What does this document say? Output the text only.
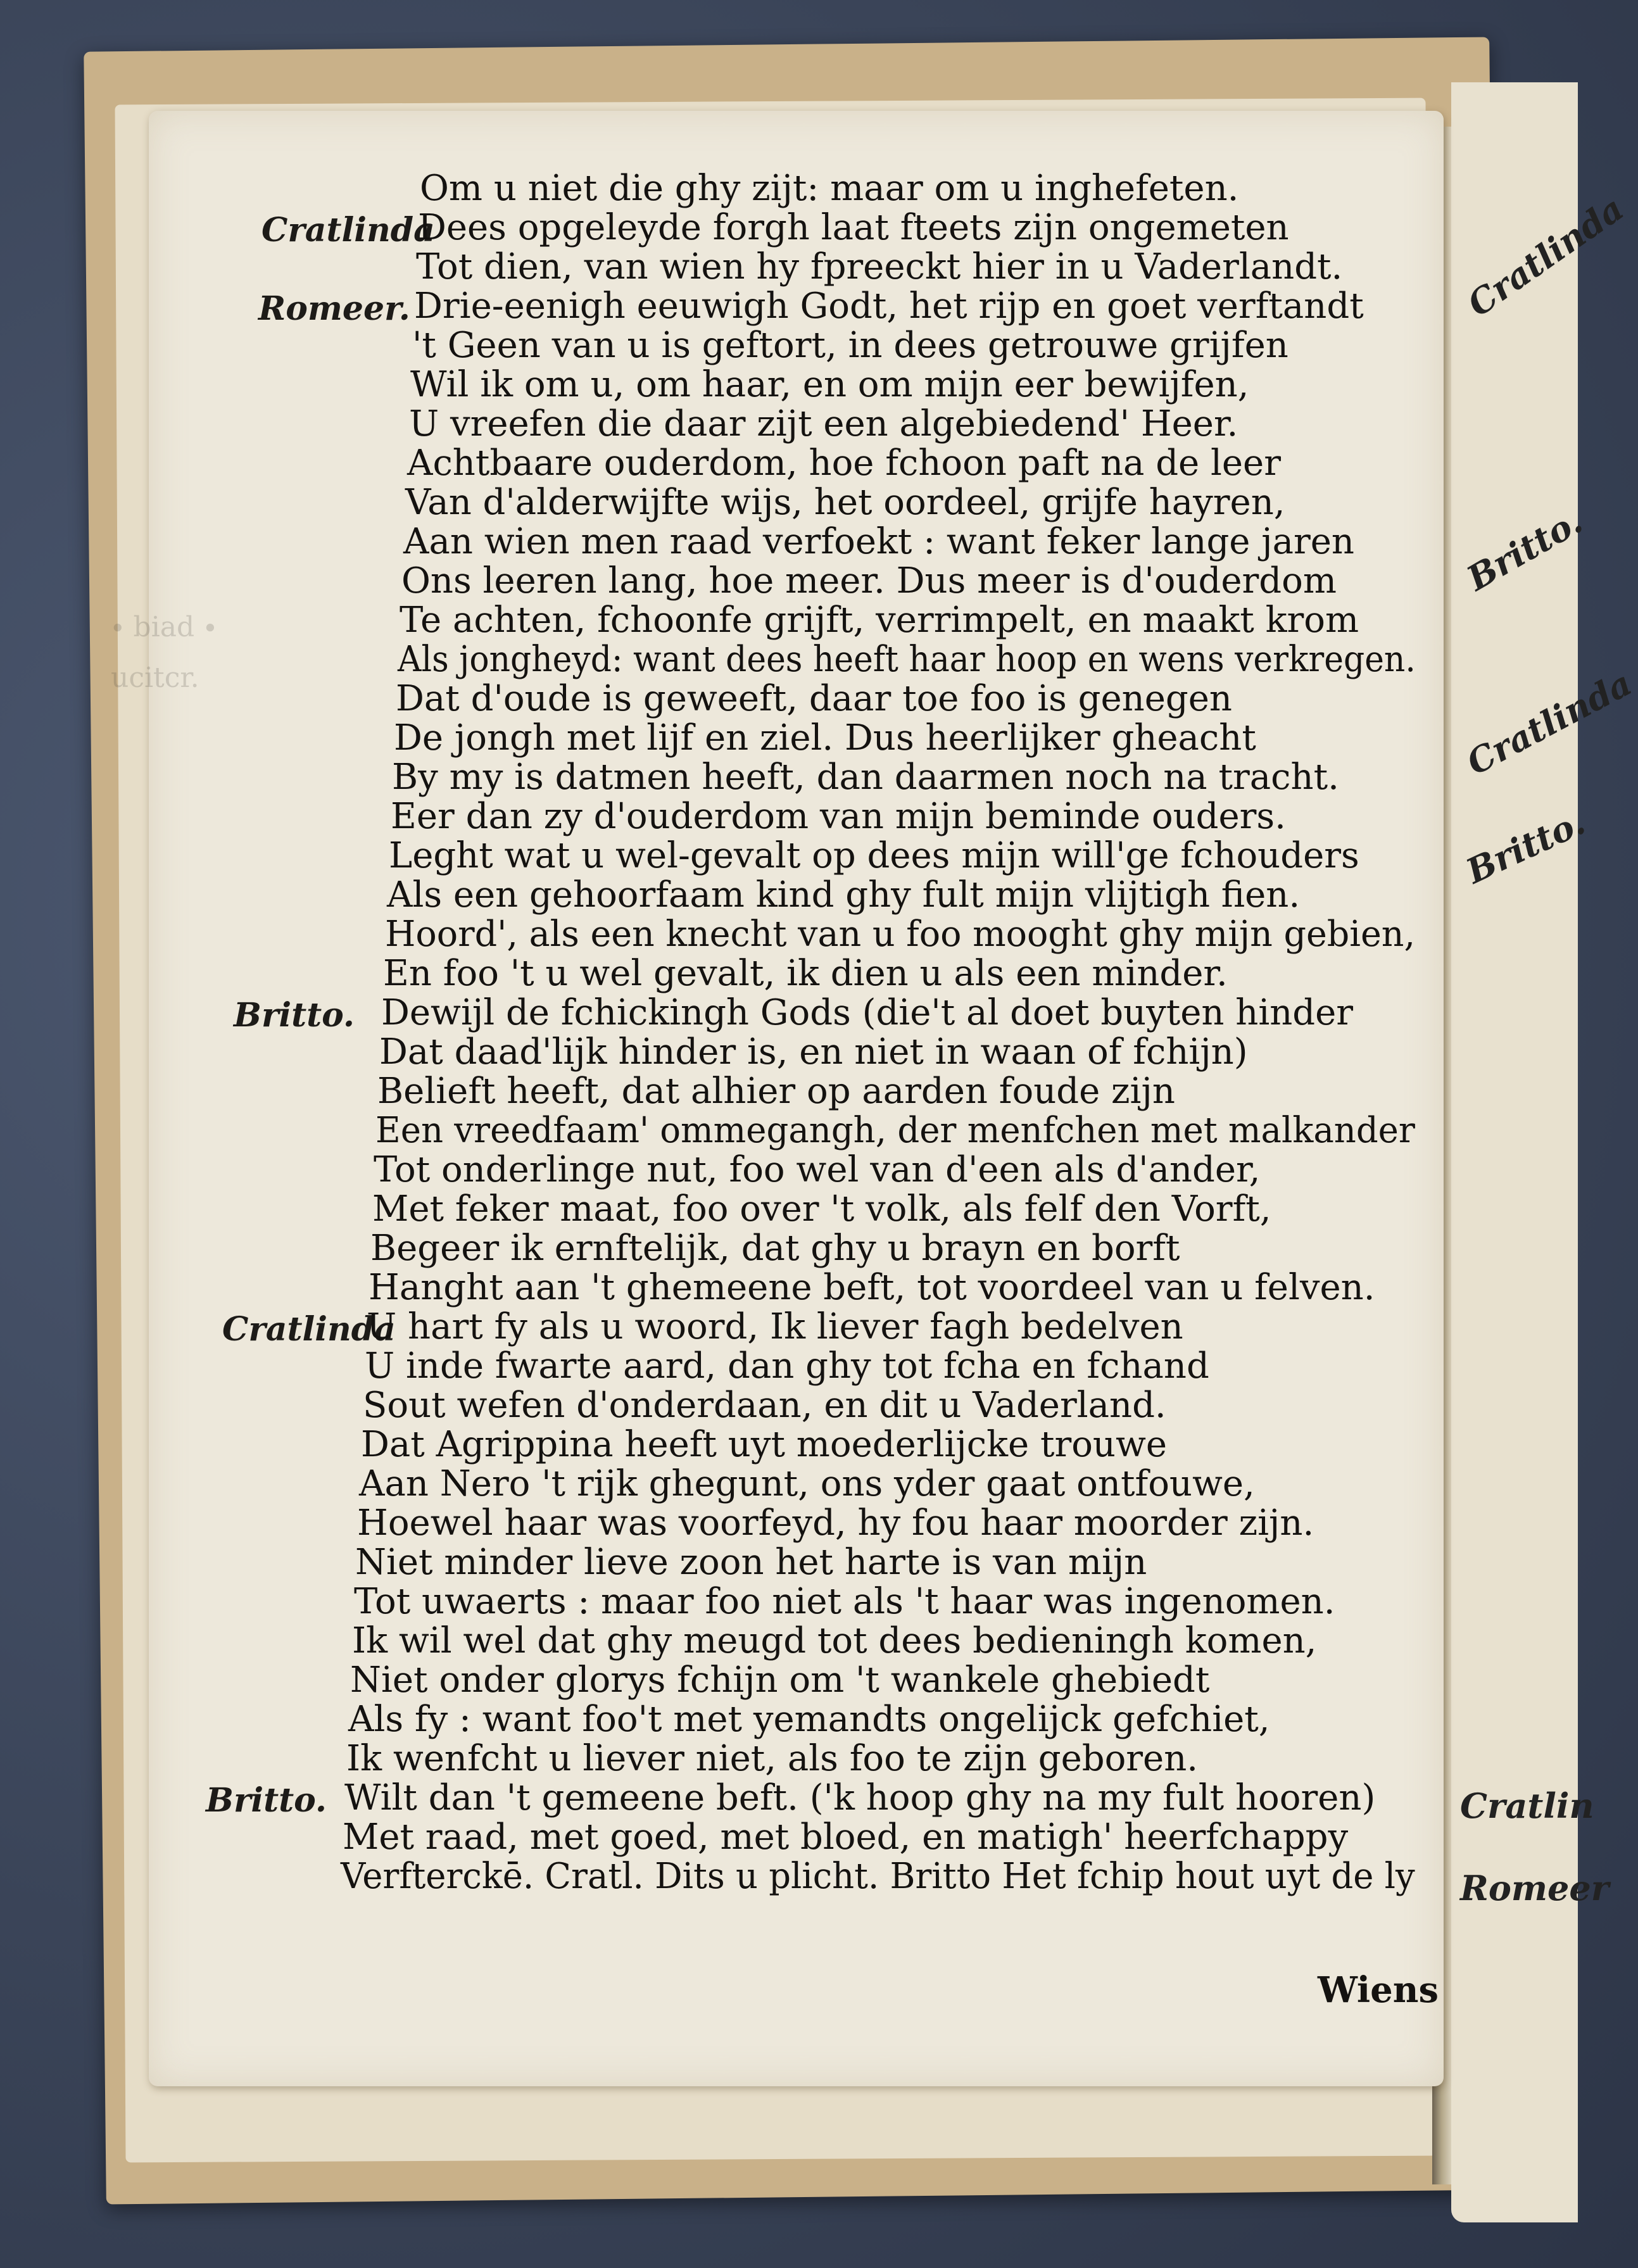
Cratlinda
Britto.
Cratlinda
Britto.
Cratlin
Romeer
∙ biad ∙
ucitcr.
Om u niet die ghy zijt: maar om u inghefeten.
Cratlinda
Dees opgeleyde forgh laat fteets zijn ongemeten
Tot dien, van wien hy fpreeckt hier in u Vaderlandt.
Romeer. Drie-eenigh eeuwigh Godt, het rijp en goet verftandt
't Geen van u is geftort, in dees getrouwe grijfen
Wil ik om u, om haar, en om mijn eer bewijfen,
U vreefen die daar zijt een algebiedend' Heer.
Achtbaare ouderdom, hoe fchoon paft na de leer
Van d'alderwijfte wijs, het oordeel, grijfe hayren,
Aan wien men raad verfoekt : want feker lange jaren
Ons leeren lang, hoe meer. Dus meer is d'ouderdom
Te achten, fchoonfe grijft, verrimpelt, en maakt krom
Als jongheyd: want dees heeft haar hoop en wens verkregen.
Dat d'oude is geweeft, daar toe foo is genegen
De jongh met lijf en ziel. Dus heerlijker gheacht
By my is datmen heeft, dan daarmen noch na tracht.
Eer dan zy d'ouderdom van mijn beminde ouders.
Leght wat u wel-gevalt op dees mijn will'ge fchouders
Als een gehoorfaam kind ghy fult mijn vlijtigh fien.
Hoord', als een knecht van u foo mooght ghy mijn gebien,
En foo 't u wel gevalt, ik dien u als een minder.
Britto. Dewijl de fchickingh Gods (die't al doet buyten hinder
Dat daad'lijk hinder is, en niet in waan of fchijn)
Belieft heeft, dat alhier op aarden foude zijn
Een vreedfaam' ommegangh, der menfchen met malkander
Tot onderlinge nut, foo wel van d'een als d'ander,
Met feker maat, foo over 't volk, als felf den Vorft,
Begeer ik ernftelijk, dat ghy u brayn en borft
Hanght aan 't ghemeene beft, tot voordeel van u felven.
Cratlinda
U hart fy als u woord, Ik liever fagh bedelven
U inde fwarte aard, dan ghy tot fcha en fchand
Sout wefen d'onderdaan, en dit u Vaderland.
Dat Agrippina heeft uyt moederlijcke trouwe
Aan Nero 't rijk ghegunt, ons yder gaat ontfouwe,
Hoewel haar was voorfeyd, hy fou haar moorder zijn.
Niet minder lieve zoon het harte is van mijn
Tot uwaerts : maar foo niet als 't haar was ingenomen.
Ik wil wel dat ghy meugd tot dees bedieningh komen,
Niet onder glorys fchijn om 't wankele ghebiedt
Als fy : want foo't met yemandts ongelijck gefchiet,
Ik wenfcht u liever niet, als foo te zijn geboren.
Britto. Wilt dan 't gemeene beft. ('k hoop ghy na my fult hooren)
Met raad, met goed, met bloed, en matigh' heerfchappy
Verfterckē. Cratl. Dits u plicht. Britto Het fchip hout uyt de ly
Wiens
